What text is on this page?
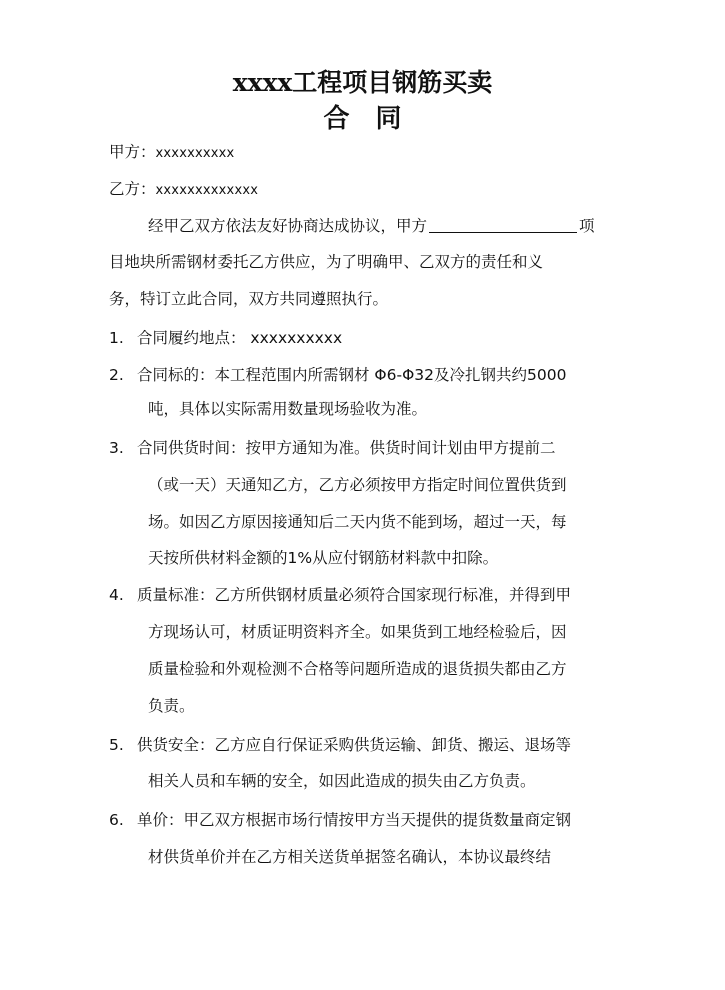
xxxx工程项目钢筋买卖
合同
甲方：xxxxxxxxxx
乙方：xxxxxxxxxxxxx
经甲乙双方依法友好协商达成协议，甲方	项
目地块所需钢材委托乙方供应，为了明确甲、乙双方的责任和义
务，特订立此合同，双方共同遵照执行。
1. 合同履约地点： xxxxxxxxxx
2. 合同标的：本工程范围内所需钢材 Φ6-Φ32及冷扎钢共约5000
吨，具体以实际需用数量现场验收为准。
3. 合同供货时间：按甲方通知为准。供货时间计划由甲方提前二
（或一天）天通知乙方，乙方必须按甲方指定时间位置供货到
场。如因乙方原因接通知后二天内货不能到场，超过一天，每
天按所供材料金额的1%从应付钢筋材料款中扣除。
4. 质量标准：乙方所供钢材质量必须符合国家现行标准，并得到甲
方现场认可，材质证明资料齐全。如果货到工地经检验后，因
质量检验和外观检测不合格等问题所造成的退货损失都由乙方
负责。
5. 供货安全：乙方应自行保证采购供货运输、卸货、搬运、退场等
相关人员和车辆的安全，如因此造成的损失由乙方负责。
6. 单价：甲乙双方根据市场行情按甲方当天提供的提货数量商定钢
材供货单价并在乙方相关送货单据签名确认，本协议最终结
